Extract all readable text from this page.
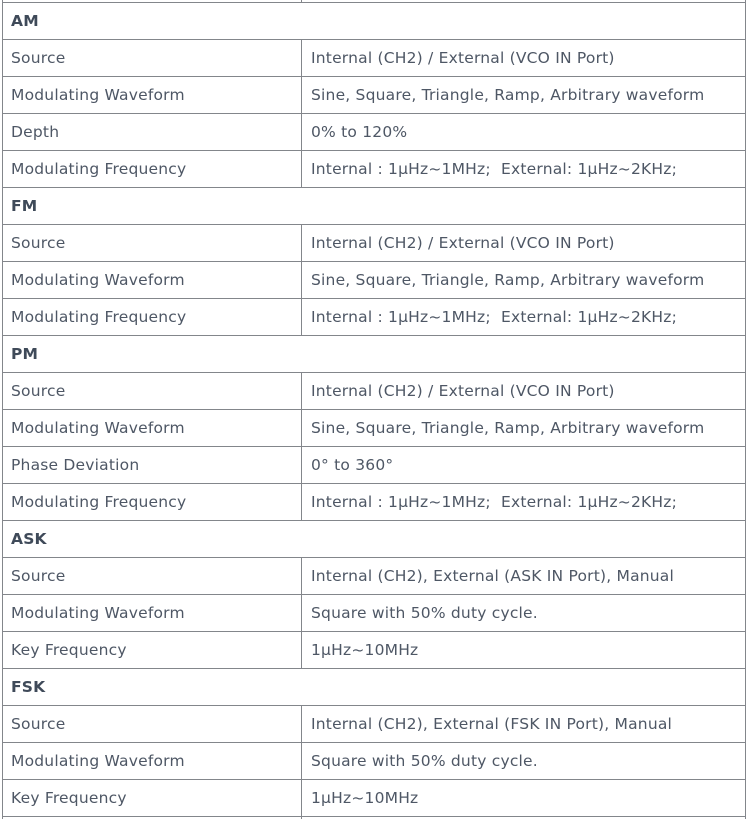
AM
Source	Internal (CH2) / External (VCO IN Port)
Modulating Waveform	Sine, Square, Triangle, Ramp, Arbitrary waveform
Depth	0% to 120%
Modulating Frequency	Internal : 1µHz~1MHz;  External: 1µHz~2KHz;
FM
Source	Internal (CH2) / External (VCO IN Port)
Modulating Waveform	Sine, Square, Triangle, Ramp, Arbitrary waveform
Modulating Frequency	Internal : 1µHz~1MHz;  External: 1µHz~2KHz;
PM
Source	Internal (CH2) / External (VCO IN Port)
Modulating Waveform	Sine, Square, Triangle, Ramp, Arbitrary waveform
Phase Deviation	0° to 360°
Modulating Frequency	Internal : 1µHz~1MHz;  External: 1µHz~2KHz;
ASK
Source	Internal (CH2), External (ASK IN Port), Manual
Modulating Waveform	Square with 50% duty cycle.
Key Frequency	1µHz~10MHz
FSK
Source	Internal (CH2), External (FSK IN Port), Manual
Modulating Waveform	Square with 50% duty cycle.
Key Frequency	1µHz~10MHz
